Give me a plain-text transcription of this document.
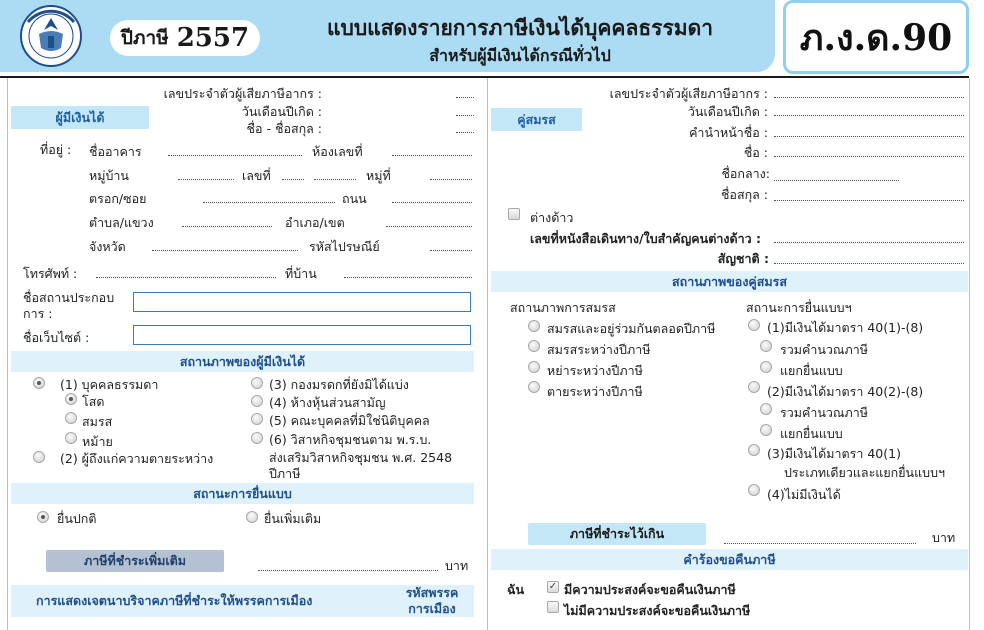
ปีภาษี 2557	แบบแสดงรายการภาษีเงินได้บุคคลธรรมดา
สำหรับผู้มีเงินได้กรณีทั่วไป	ภ.ง.ด.90
เลขประจำตัวผู้เสียภาษีอากร :
ผู้มีเงินได้	วันเดือนปีเกิด :
ชื่อ - ชื่อสกุล :
ที่อยู่ : ชื่ออาคาร	ห้องเลขที่
หมู่บ้าน	เลขที่	หมู่ที่
ตรอก/ซอย	ถนน
ตำบล/แขวง	อำเภอ/เขต
จังหวัด	รหัสไปรษณีย์
โทรศัพท์ :	ที่บ้าน
ชื่อสถานประกอบ
การ :
ชื่อเว็บไซต์ :
สถานภาพของผู้มีเงินได้
(1) บุคคลธรรมดา
โสด
สมรส
หม้าย
(2) ผู้ถึงแก่ความตายระหว่าง
(3) กองมรดกที่ยังมิได้แบ่ง
(4) ห้างหุ้นส่วนสามัญ
(5) คณะบุคคลที่มิใช่นิติบุคคล
(6) วิสาหกิจชุมชนตาม พ.ร.บ.
ส่งเสริมวิสาหกิจชุมชน พ.ศ. 2548
ปีภาษี
สถานะการยื่นแบบ
ยื่นปกติ	ยื่นเพิ่มเติม
ภาษีที่ชำระเพิ่มเติม	บาท
การแสดงเจตนาบริจาคภาษีที่ชำระให้พรรคการเมือง
รหัสพรรค
การเมือง
เลขประจำตัวผู้เสียภาษีอากร :
วันเดือนปีเกิด :
คู่สมรส
คำนำหน้าชื่อ :
ชื่อ :
ชื่อกลาง:
ชื่อสกุล :
ต่างด้าว
เลขที่หนังสือเดินทาง/ใบสำคัญคนต่างด้าว :
สัญชาติ :
สถานภาพของคู่สมรส
สถานภาพการสมรส
สมรสและอยู่ร่วมกันตลอดปีภาษี
สมรสระหว่างปีภาษี
หย่าระหว่างปีภาษี
ตายระหว่างปีภาษี
สถานะการยื่นแบบฯ
(1)มีเงินได้มาตรา 40(1)-(8)
รวมคำนวณภาษี
แยกยื่นแบบ
(2)มีเงินได้มาตรา 40(2)-(8)
รวมคำนวณภาษี
แยกยื่นแบบ
(3)มีเงินได้มาตรา 40(1)
ประเภทเดียวและแยกยื่นแบบฯ
(4)ไม่มีเงินได้
ภาษีที่ชำระไว้เกิน	บาท
คำร้องขอคืนภาษี
ฉัน ✓ มีความประสงค์จะขอคืนเงินภาษี
ไม่มีความประสงค์จะขอคืนเงินภาษี
